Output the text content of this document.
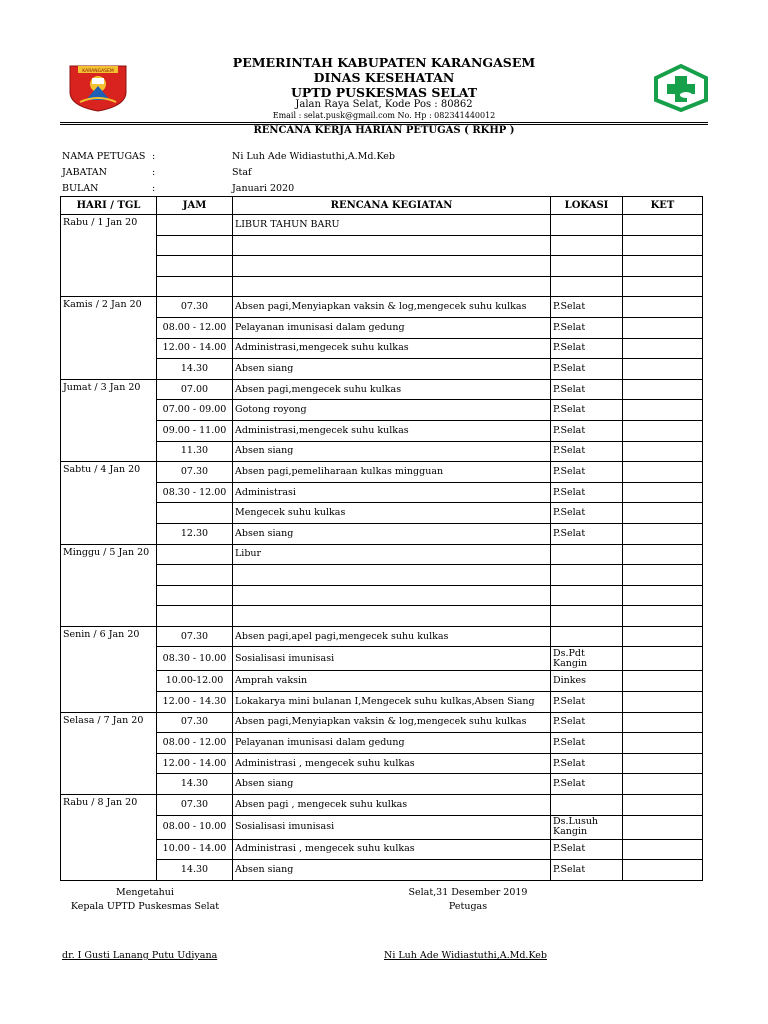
KARANGASEM
PEMERINTAH KABUPATEN KARANGASEM
DINAS KESEHATAN
UPTD PUSKESMAS SELAT
Jalan Raya Selat, Kode Pos : 80862
Email : selat.pusk@gmail.com No. Hp : 082341440012
RENCANA KERJA HARIAN PETUGAS ( RKHP )
NAMA PETUGAS :	Ni Luh Ade Widiastuthi,A.Md.Keb
JABATAN	:	Staf
BULAN	:	Januari 2020
HARI / TGL	JAM	RENCANA KEGIATAN	LOKASI	KET
Rabu / 1 Jan 20		LIBUR TAHUN BARU		

Kamis / 2 Jan 20	07.30	Absen pagi,Menyiapkan vaksin & log,mengecek suhu kulkas	P.Selat	
	08.00 - 12.00	Pelayanan imunisasi dalam gedung	P.Selat	
	12.00 - 14.00	Administrasi,mengecek suhu kulkas	P.Selat	
	14.30	Absen siang	P.Selat	
Jumat / 3 Jan 20	07.00	Absen pagi,mengecek suhu kulkas	P.Selat	
	07.00 - 09.00	Gotong royong	P.Selat	
	09.00 - 11.00	Administrasi,mengecek suhu kulkas	P.Selat	
	11.30	Absen siang	P.Selat	
Sabtu / 4 Jan 20	07.30	Absen pagi,pemeliharaan kulkas mingguan	P.Selat	
	08.30 - 12.00	Administrasi	P.Selat	
		Mengecek suhu kulkas	P.Selat	
	12.30	Absen siang	P.Selat	
Minggu / 5 Jan 20		Libur		

Senin / 6 Jan 20	07.30	Absen pagi,apel pagi,mengecek suhu kulkas		
	08.30 - 10.00	Sosialisasi imunisasi	Ds.Pdt Kangin	
	10.00-12.00	Amprah vaksin	Dinkes	
	12.00 - 14.30	Lokakarya mini bulanan I,Mengecek suhu kulkas,Absen Siang	P.Selat	
Selasa / 7 Jan 20	07.30	Absen pagi,Menyiapkan vaksin & log,mengecek suhu kulkas	P.Selat	
	08.00 - 12.00	Pelayanan imunisasi dalam gedung	P.Selat	
	12.00 - 14.00	Administrasi , mengecek suhu kulkas	P.Selat	
	14.30	Absen siang	P.Selat	
Rabu / 8 Jan 20	07.30	Absen pagi , mengecek suhu kulkas		
	08.00 - 10.00	Sosialisasi imunisasi	Ds.Lusuh Kangin	
	10.00 - 14.00	Administrasi , mengecek suhu kulkas	P.Selat	
	14.30	Absen siang	P.Selat	
Mengetahui
Kepala UPTD Puskesmas Selat
Selat,31 Desember 2019
Petugas
dr. I Gusti Lanang Putu Udiyana	Ni Luh Ade Widiastuthi,A.Md.Keb
